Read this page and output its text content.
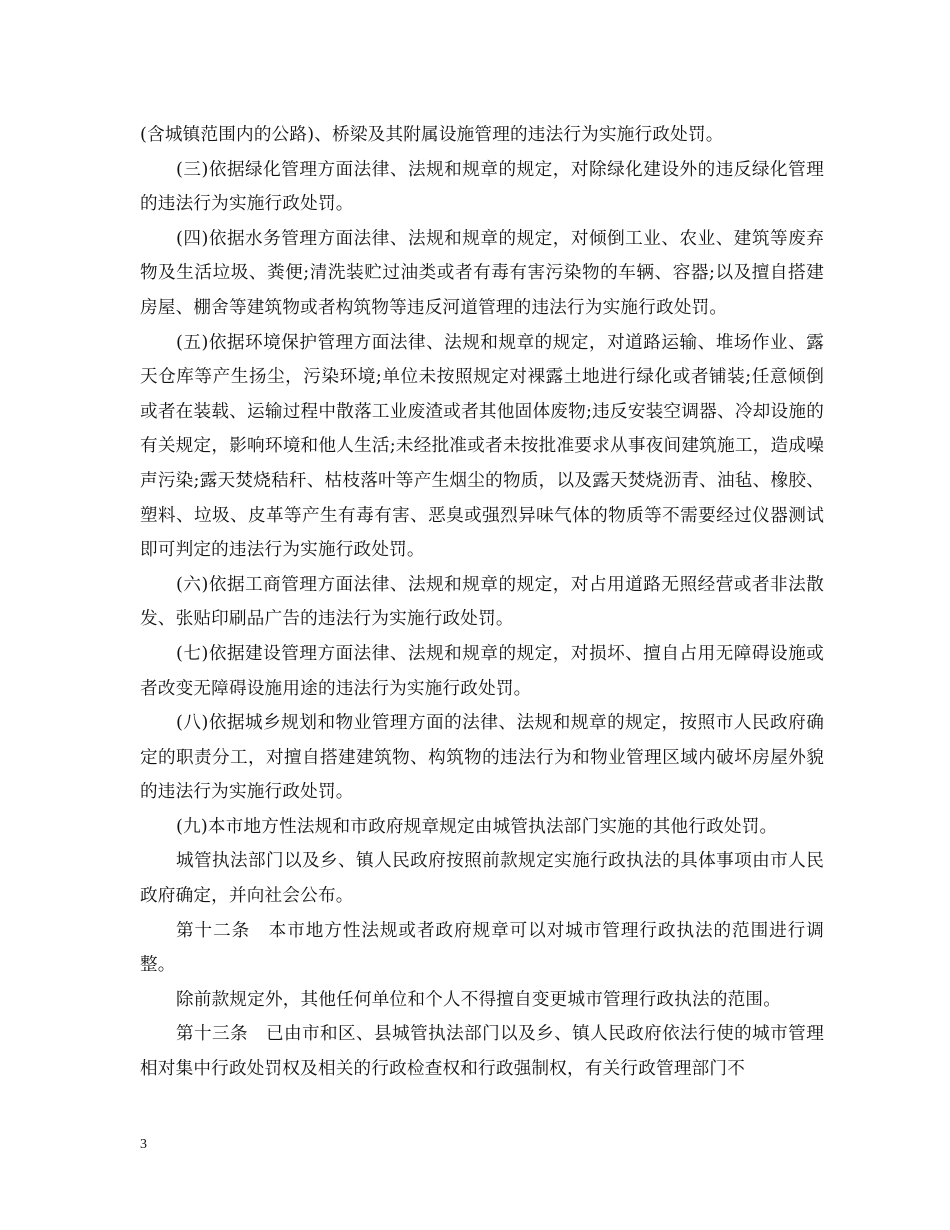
(含城镇范围内的公路)、桥梁及其附属设施管理的违法行为实施行政处罚。

(三)依据绿化管理方面法律、法规和规章的规定，对除绿化建设外的违反绿化管理的违法行为实施行政处罚。

(四)依据水务管理方面法律、法规和规章的规定，对倾倒工业、农业、建筑等废弃物及生活垃圾、粪便;清洗装贮过油类或者有毒有害污染物的车辆、容器;以及擅自搭建房屋、棚舍等建筑物或者构筑物等违反河道管理的违法行为实施行政处罚。

(五)依据环境保护管理方面法律、法规和规章的规定，对道路运输、堆场作业、露天仓库等产生扬尘，污染环境;单位未按照规定对裸露土地进行绿化或者铺装;任意倾倒或者在装载、运输过程中散落工业废渣或者其他固体废物;违反安装空调器、冷却设施的有关规定，影响环境和他人生活;未经批准或者未按批准要求从事夜间建筑施工，造成噪声污染;露天焚烧秸秆、枯枝落叶等产生烟尘的物质，以及露天焚烧沥青、油毡、橡胶、塑料、垃圾、皮革等产生有毒有害、恶臭或强烈异味气体的物质等不需要经过仪器测试即可判定的违法行为实施行政处罚。

(六)依据工商管理方面法律、法规和规章的规定，对占用道路无照经营或者非法散发、张贴印刷品广告的违法行为实施行政处罚。

(七)依据建设管理方面法律、法规和规章的规定，对损坏、擅自占用无障碍设施或者改变无障碍设施用途的违法行为实施行政处罚。

(八)依据城乡规划和物业管理方面的法律、法规和规章的规定，按照市人民政府确定的职责分工，对擅自搭建建筑物、构筑物的违法行为和物业管理区域内破坏房屋外貌的违法行为实施行政处罚。

(九)本市地方性法规和市政府规章规定由城管执法部门实施的其他行政处罚。

城管执法部门以及乡、镇人民政府按照前款规定实施行政执法的具体事项由市人民政府确定，并向社会公布。

第十二条　本市地方性法规或者政府规章可以对城市管理行政执法的范围进行调整。

除前款规定外，其他任何单位和个人不得擅自变更城市管理行政执法的范围。

第十三条　已由市和区、县城管执法部门以及乡、镇人民政府依法行使的城市管理相对集中行政处罚权及相关的行政检查权和行政强制权，有关行政管理部门不

3
